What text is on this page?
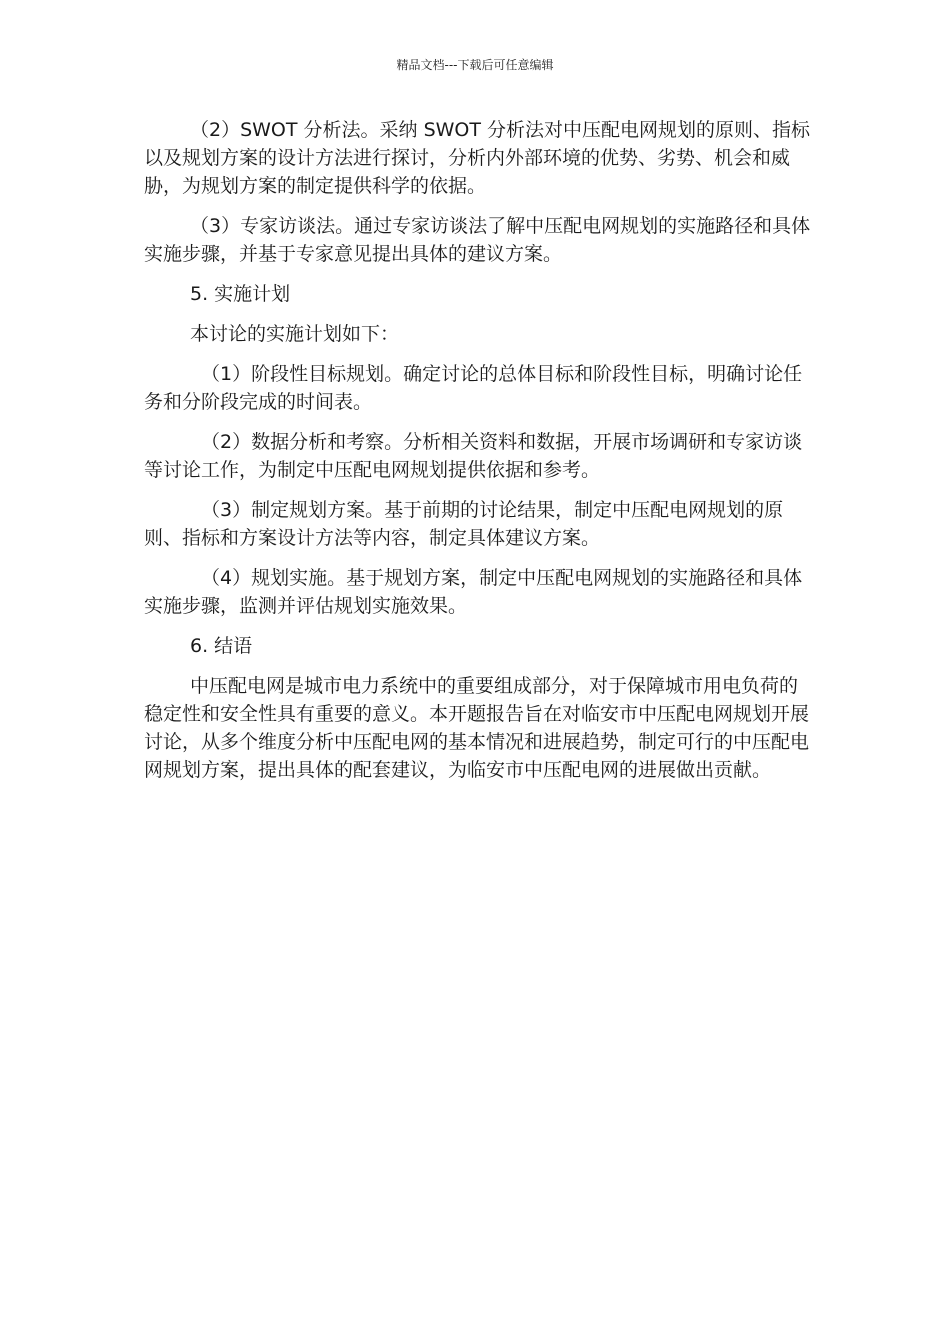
精品文档---下载后可任意编辑

（2）SWOT 分析法。采纳 SWOT 分析法对中压配电网规划的原则、指标以及规划方案的设计方法进行探讨，分析内外部环境的优势、劣势、机会和威胁，为规划方案的制定提供科学的依据。

（3）专家访谈法。通过专家访谈法了解中压配电网规划的实施路径和具体实施步骤，并基于专家意见提出具体的建议方案。

5. 实施计划

本讨论的实施计划如下：

（1）阶段性目标规划。确定讨论的总体目标和阶段性目标，明确讨论任务和分阶段完成的时间表。

（2）数据分析和考察。分析相关资料和数据，开展市场调研和专家访谈等讨论工作，为制定中压配电网规划提供依据和参考。

（3）制定规划方案。基于前期的讨论结果，制定中压配电网规划的原则、指标和方案设计方法等内容，制定具体建议方案。

（4）规划实施。基于规划方案，制定中压配电网规划的实施路径和具体实施步骤，监测并评估规划实施效果。

6. 结语

中压配电网是城市电力系统中的重要组成部分，对于保障城市用电负荷的稳定性和安全性具有重要的意义。本开题报告旨在对临安市中压配电网规划开展讨论，从多个维度分析中压配电网的基本情况和进展趋势，制定可行的中压配电网规划方案，提出具体的配套建议，为临安市中压配电网的进展做出贡献。
